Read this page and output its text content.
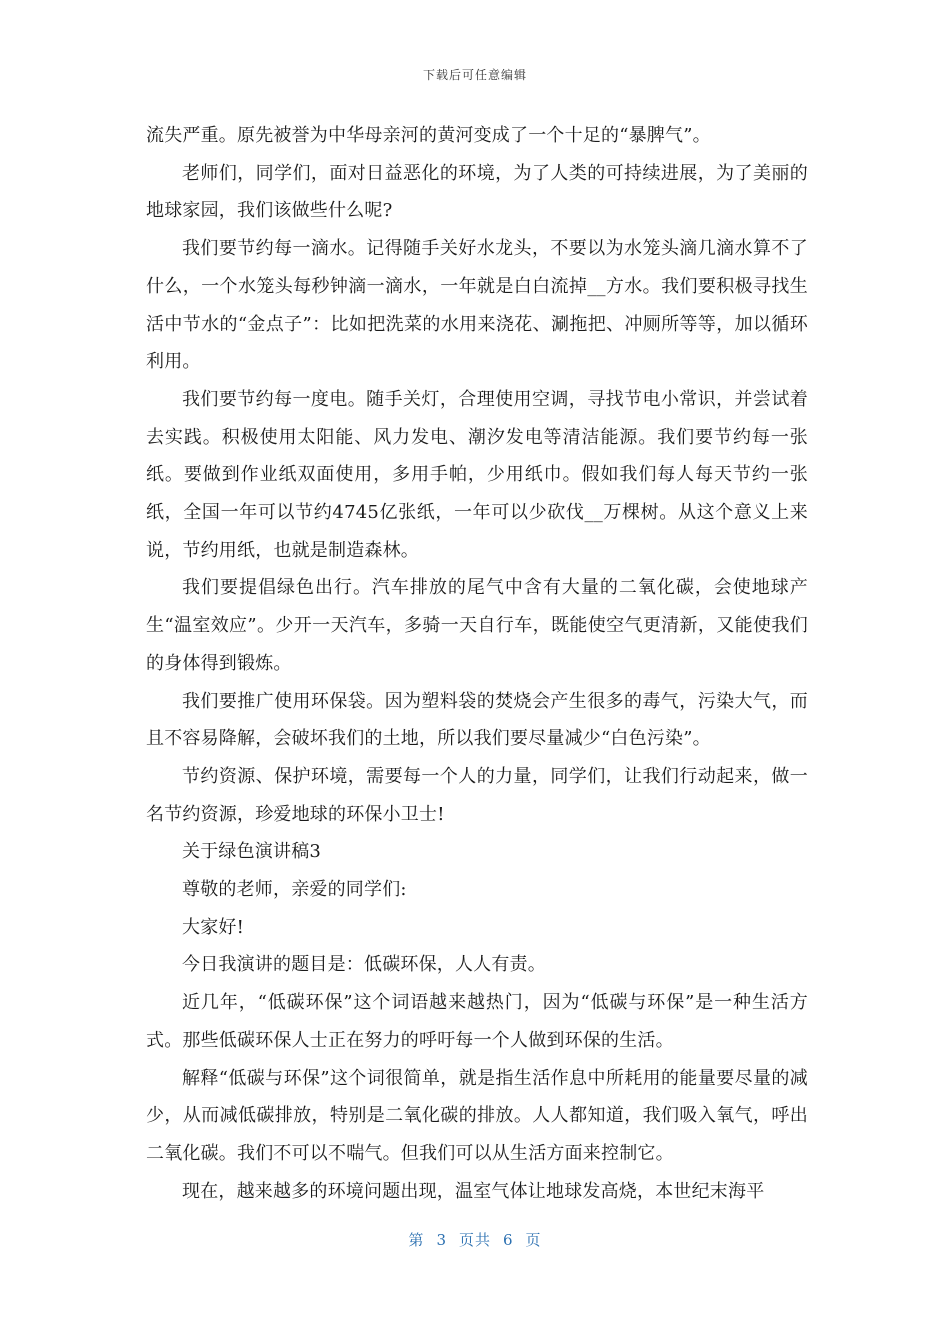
下载后可任意编辑

流失严重。原先被誉为中华母亲河的黄河变成了一个十足的“暴脾气”。

老师们，同学们，面对日益恶化的环境，为了人类的可持续进展，为了美丽的地球家园，我们该做些什么呢?

我们要节约每一滴水。记得随手关好水龙头，不要以为水笼头滴几滴水算不了什么，一个水笼头每秒钟滴一滴水，一年就是白白流掉__方水。我们要积极寻找生活中节水的“金点子”：比如把洗菜的水用来浇花、涮拖把、冲厕所等等，加以循环利用。

我们要节约每一度电。随手关灯，合理使用空调，寻找节电小常识，并尝试着去实践。积极使用太阳能、风力发电、潮汐发电等清洁能源。我们要节约每一张纸。要做到作业纸双面使用，多用手帕，少用纸巾。假如我们每人每天节约一张纸，全国一年可以节约4745亿张纸，一年可以少砍伐__万棵树。从这个意义上来说，节约用纸，也就是制造森林。

我们要提倡绿色出行。汽车排放的尾气中含有大量的二氧化碳，会使地球产生“温室效应”。少开一天汽车，多骑一天自行车，既能使空气更清新，又能使我们的身体得到锻炼。

我们要推广使用环保袋。因为塑料袋的焚烧会产生很多的毒气，污染大气，而且不容易降解，会破坏我们的土地，所以我们要尽量减少“白色污染”。

节约资源、保护环境，需要每一个人的力量，同学们，让我们行动起来，做一名节约资源，珍爱地球的环保小卫士!

关于绿色演讲稿3

尊敬的老师，亲爱的同学们:

大家好!

今日我演讲的题目是：低碳环保，人人有责。

近几年，“低碳环保”这个词语越来越热门，因为“低碳与环保”是一种生活方式。那些低碳环保人士正在努力的呼吁每一个人做到环保的生活。

解释“低碳与环保”这个词很简单，就是指生活作息中所耗用的能量要尽量的减少，从而减低碳排放，特别是二氧化碳的排放。人人都知道，我们吸入氧气，呼出二氧化碳。我们不可以不喘气。但我们可以从生活方面来控制它。

现在，越来越多的环境问题出现，温室气体让地球发高烧，本世纪末海平

第 3 页共 6 页
